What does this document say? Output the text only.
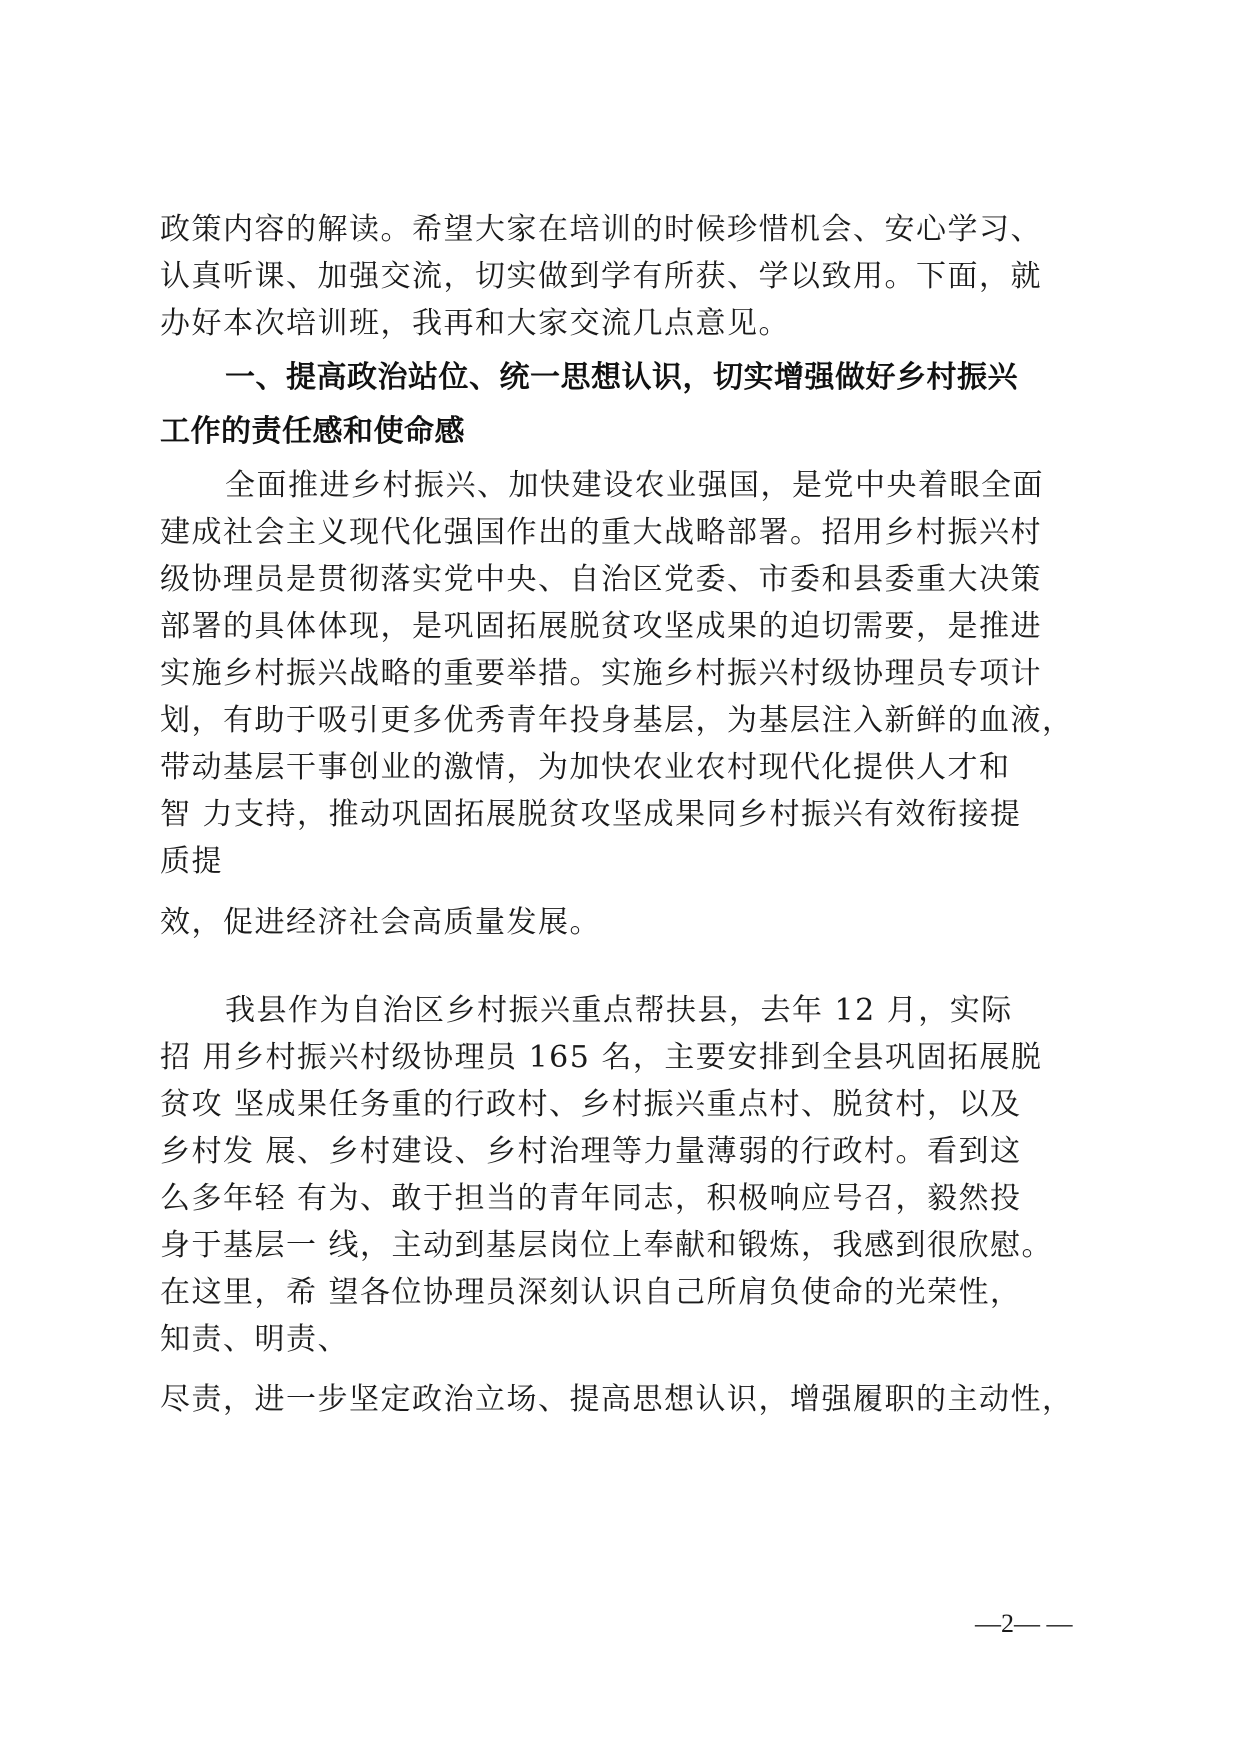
政策内容的解读。希望大家在培训的时候珍惜机会、安心学习、

认真听课、加强交流，切实做到学有所获、学以致用。下面，就

办好本次培训班，我再和大家交流几点意见。

一、提高政治站位、统一思想认识，切实增强做好乡村振兴

工作的责任感和使命感

全面推进乡村振兴、加快建设农业强国，是党中央着眼全面

建成社会主义现代化强国作出的重大战略部署。招用乡村振兴村

级协理员是贯彻落实党中央、自治区党委、市委和县委重大决策

部署的具体体现，是巩固拓展脱贫攻坚成果的迫切需要，是推进

实施乡村振兴战略的重要举措。实施乡村振兴村级协理员专项计

划，有助于吸引更多优秀青年投身基层，为基层注入新鲜的血液，

带动基层干事创业的激情，为加快农业农村现代化提供人才和

智 力支持，推动巩固拓展脱贫攻坚成果同乡村振兴有效衔接提

质提

效，促进经济社会高质量发展。

我县作为自治区乡村振兴重点帮扶县，去年 12 月，实际

招 用乡村振兴村级协理员 165 名，主要安排到全县巩固拓展脱

贫攻 坚成果任务重的行政村、乡村振兴重点村、脱贫村，以及

乡村发 展、乡村建设、乡村治理等力量薄弱的行政村。看到这

么多年轻 有为、敢于担当的青年同志，积极响应号召，毅然投

身于基层一 线，主动到基层岗位上奉献和锻炼，我感到很欣慰。

在这里，希 望各位协理员深刻认识自己所肩负使命的光荣性，

知责、明责、

尽责，进一步坚定政治立场、提高思想认识，增强履职的主动性，

—2— —
